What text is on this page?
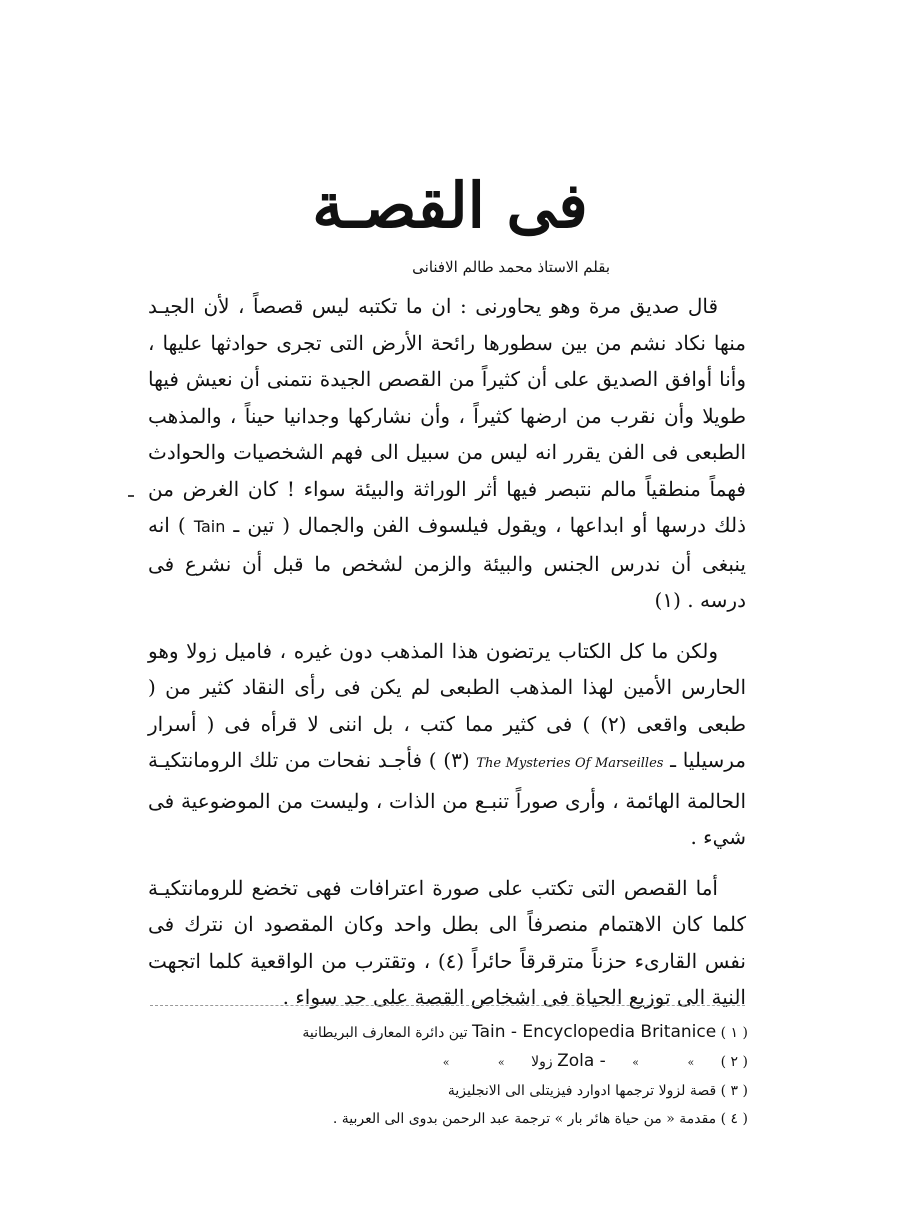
فى القصـة
بقلم الاستاذ محمد طالم الافنانى

قال صديق مرة وهو يحاورنى : ان ما تكتبه ليس قصصاً ، لأن الجيـد منها نكاد نشم من بين سطورها رائحة الأرض التى تجرى حوادثها عليها ، وأنا أوافق الصديق على أن كثيراً من القصص الجيدة نتمنى أن نعيش فيها طويلا وأن نقرب من ارضها كثيراً ، وأن نشاركها وجدانيا حيناً ، والمذهب الطبعى فى الفن يقرر انه ليس من سبيل الى فهم الشخصيات والحوادث فهماً منطقياً مالم نتبصر فيها أثر الوراثة والبيئة سواء ! كان الغرض من ذلك درسها أو ابداعها ، ويقول فيلسوف الفن والجمال ( تين ـ Tain ) انه ينبغى أن ندرس الجنس والبيئة والزمن لشخص ما قبل أن نشرع فى درسه . (١)

ولكن ما كل الكتاب يرتضون هذا المذهب دون غيره ، فاميل زولا وهو الحارس الأمين لهذا المذهب الطبعى لم يكن فى رأى النقاد كثير من ( طبعى واقعى (٢) ) فى كثير مما كتب ، بل اننى لا قرأه فى ( أسرار مرسيليا ـ The Mysteries Of Marseilles (٣) ) فأجـد نفحات من تلك الرومانتكيـة الحالمة الهائمة ، وأرى صوراً تنبـع من الذات ، وليست من الموضوعية فى شيء .

أما القصص التى تكتب على صورة اعترافات فهى تخضع للرومانتكيـة كلما كان الاهتمام منصرفاً الى بطل واحد وكان المقصود ان نترك فى نفس القارىء حزناً مترقرقاً حائراً (٤) ، وتقترب من الواقعية كلما اتجهت النية الى توزيع الحياة فى اشخاص القصة على حد سواء .

( ١ ) Tain - Encyclopedia Britanice تين دائرة المعارف البريطانية
( ٢ ) » » Zola - زولا » »
( ٣ ) قصة لزولا ترجمها ادوارد فيزيتلى الى الانجليزية
( ٤ ) مقدمة « من حياة هائر بار » ترجمة عبد الرحمن بدوى الى العربية .
